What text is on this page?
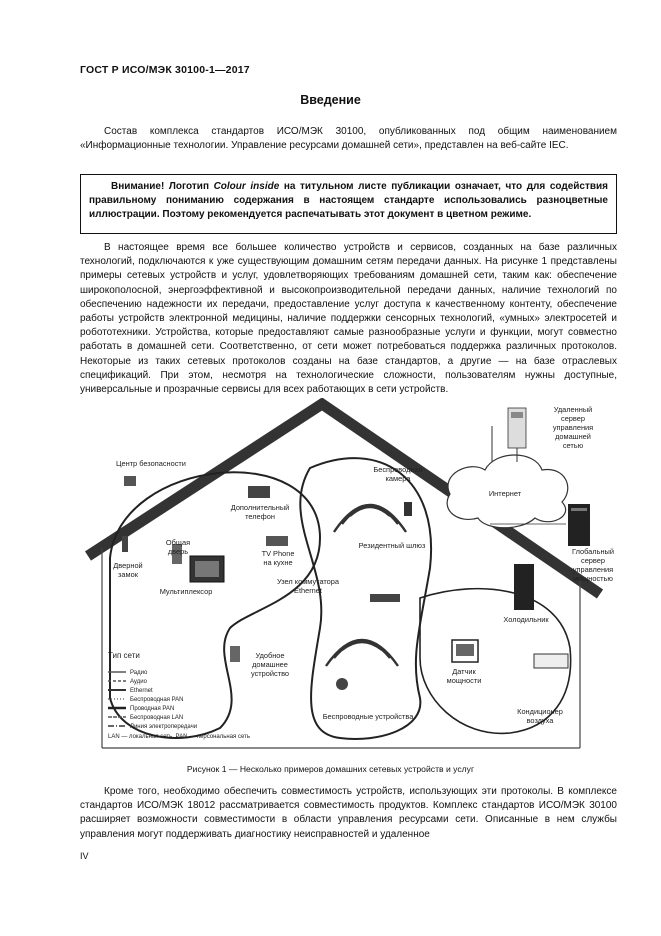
ГОСТ Р ИСО/МЭК 30100-1—2017
Введение
Состав комплекса стандартов ИСО/МЭК 30100, опубликованных под общим наименованием «Информационные технологии. Управление ресурсами домашней сети», представлен на веб-сайте IEC.
Внимание! Логотип Colour inside на титульном листе публикации означает, что для содействия правильному пониманию содержания в настоящем стандарте использовались разноцветные иллюстрации. Поэтому рекомендуется распечатывать этот документ в цветном режиме.
В настоящее время все большее количество устройств и сервисов, созданных на базе различных технологий, подключаются к уже существующим домашним сетям передачи данных. На рисунке 1 представлены примеры сетевых устройств и услуг, удовлетворяющих требованиям домашней сети, таким как: обеспечение широкополосной, энергоэффективной и высокопроизводительной передачи данных, наличие технологий по обеспечению надежности их передачи, предоставление услуг доступа к качественному контенту, обеспечение работы устройств электронной медицины, наличие поддержки сенсорных технологий, «умных» электросетей и робототехники. Устройства, которые предоставляют самые разнообразные услуги и функции, могут совместно работать в домашней сети. Соответственно, от сети может потребоваться поддержка различных протоколов. Некоторые из таких сетевых протоколов созданы на базе стандартов, а другие — на базе отраслевых спецификаций. При этом, несмотря на технологические сложности, пользователям нужны доступные, универсальные и прозрачные сервисы для всех работающих в сети устройств.
Интернет
Удаленный
сервер
управления
домашней
сетью
Глобальный
сервер
управления
мощностью
Центр безопасности
Беспроводная
камера
Дополнительный
телефон
Общая
дверь
Дверной
замок
TV Phone
на кухне
Мультиплексор
Резидентный шлюз
Узел коммутатора
Ethernet
Холодильник
Удобное
домашнее
устройство
Беспроводные устройства
Датчик
мощности
Кондиционер
воздуха
Тип сети
Радио
Аудио
Ethernet
Беспроводная PAN
Проводная PAN
Беспроводная LAN
Линия электропередачи
LAN — локальная сеть, PAN — персональная сеть
Рисунок 1 — Несколько примеров домашних сетевых устройств и услуг
Кроме того, необходимо обеспечить совместимость устройств, использующих эти протоколы. В комплексе стандартов ИСО/МЭК 18012 рассматривается совместимость продуктов. Комплекс стандартов ИСО/МЭК 30100 расширяет возможности совместимости в области управления ресурсами сети. Описанные в нем службы управления могут поддерживать диагностику неисправностей и удаленное
IV
